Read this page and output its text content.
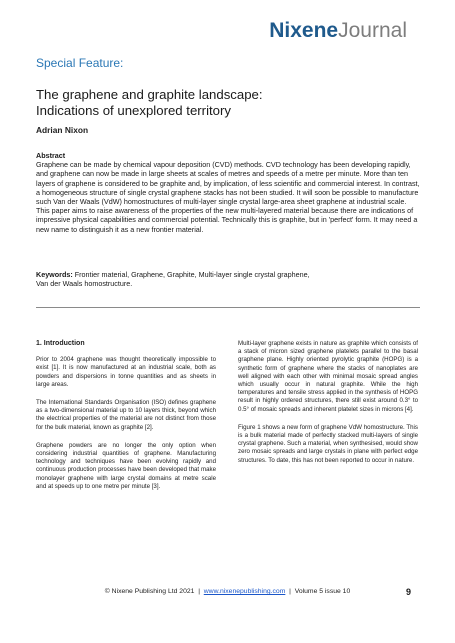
NixeneJournal
Special Feature:
The graphene and graphite landscape:
Indications of unexplored territory
Adrian Nixon
Abstract
Graphene can be made by chemical vapour deposition (CVD) methods. CVD technology has been developing rapidly, and graphene can now be made in large sheets at scales of metres and speeds of a metre per minute. More than ten layers of graphene is considered to be graphite and, by implication, of less scientific and commercial interest. In contrast, a homogeneous structure of single crystal graphene stacks has not been studied. It will soon be possible to manufacture such Van der Waals (VdW) homostructures of multi-layer single crystal large-area sheet graphene at industrial scale.
This paper aims to raise awareness of the properties of the new multi-layered material because there are indications of impressive physical capabilities and commercial potential. Technically this is graphite, but in 'perfect' form. It may need a new name to distinguish it as a new frontier material.
Keywords: Frontier material, Graphene, Graphite, Multi-layer single crystal graphene,
Van der Waals homostructure.

1. Introduction

Prior to 2004 graphene was thought theoretically impossible to exist [1]. It is now manufactured at an industrial scale, both as powders and dispersions in tonne quantities and as sheets in large areas.

The International Standards Organisation (ISO) defines graphene as a two-dimensional material up to 10 layers thick, beyond which the electrical properties of the material are not distinct from those for the bulk material, known as graphite [2].

Graphene powders are no longer the only option when considering industrial quantities of graphene. Manufacturing technology and techniques have been evolving rapidly and continuous production processes have been developed that make monolayer graphene with large crystal domains at metre scale and at speeds up to one metre per minute [3].

Multi-layer graphene exists in nature as graphite which consists of a stack of micron sized graphene platelets parallel to the basal graphene plane. Highly oriented pyrolytic graphite (HOPG) is a synthetic form of graphene where the stacks of nanoplates are well aligned with each other with minimal mosaic spread angles which usually occur in natural graphite. While the high temperatures and tensile stress applied in the synthesis of HOPG result in highly ordered structures, there still exist around 0.3° to 0.5° of mosaic spreads and inherent platelet sizes in microns [4].

Figure 1 shows a new form of graphene VdW homostructure. This is a bulk material made of perfectly stacked multi-layers of single crystal graphene. Such a material, when synthesised, would show zero mosaic spreads and large crystals in plane with perfect edge structures. To date, this has not been reported to occur in nature.

© Nixene Publishing Ltd 2021 | www.nixenepublishing.com | Volume 5 issue 10	9
